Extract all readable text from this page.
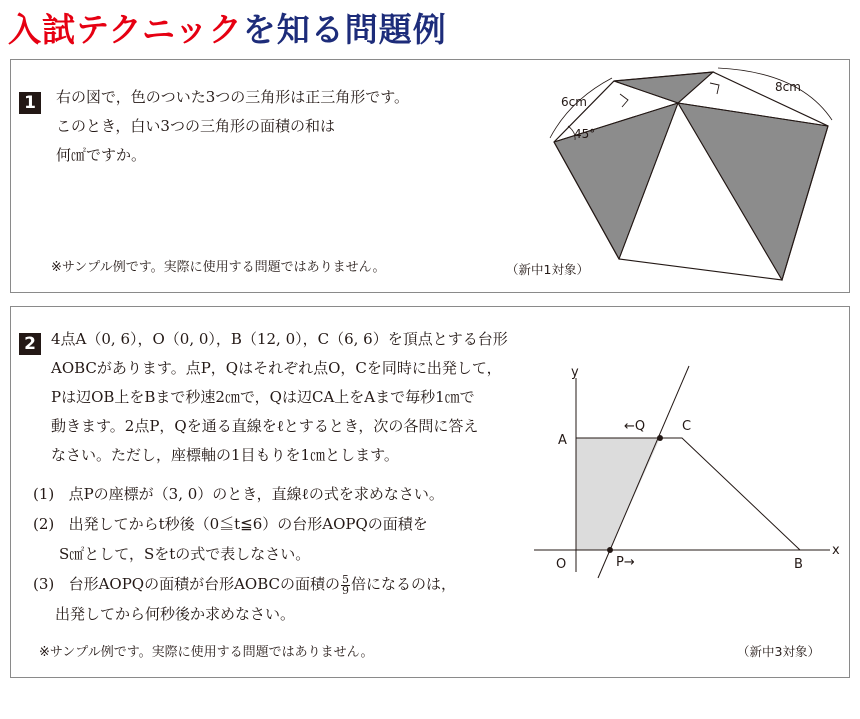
入試テクニックを知る問題例
1	右の図で，色のついた3つの三角形は正三角形です。
このとき，白い3つの三角形の面積の和は
何㎠ですか。
※サンプル例です。実際に使用する問題ではありません。	（新中1対象）
6cm
8cm
45°
2	4点A（0, 6），O（0, 0），B（12, 0），C（6, 6）を頂点とする台形
AOBCがあります。点P，Qはそれぞれ点O，Cを同時に出発して，
Pは辺OB上をBまで秒速2㎝で，Qは辺CA上をAまで毎秒1㎝で
動きます。2点P，Qを通る直線をℓとするとき，次の各問に答え
なさい。ただし，座標軸の1目もりを1㎝とします。
(1) 点Pの座標が（3, 0）のとき，直線ℓの式を求めなさい。
(2) 出発してからt秒後（0≦t≦6）の台形AOPQの面積を
S㎠として，Sをtの式で表しなさい。
(3) 台形AOPQの面積が台形AOBCの面積の $\frac{5}{9}$ 倍になるのは，
出発してから何秒後か求めなさい。
※サンプル例です。実際に使用する問題ではありません。	（新中3対象）
y
x
A
O	B
C
P→
←Q
